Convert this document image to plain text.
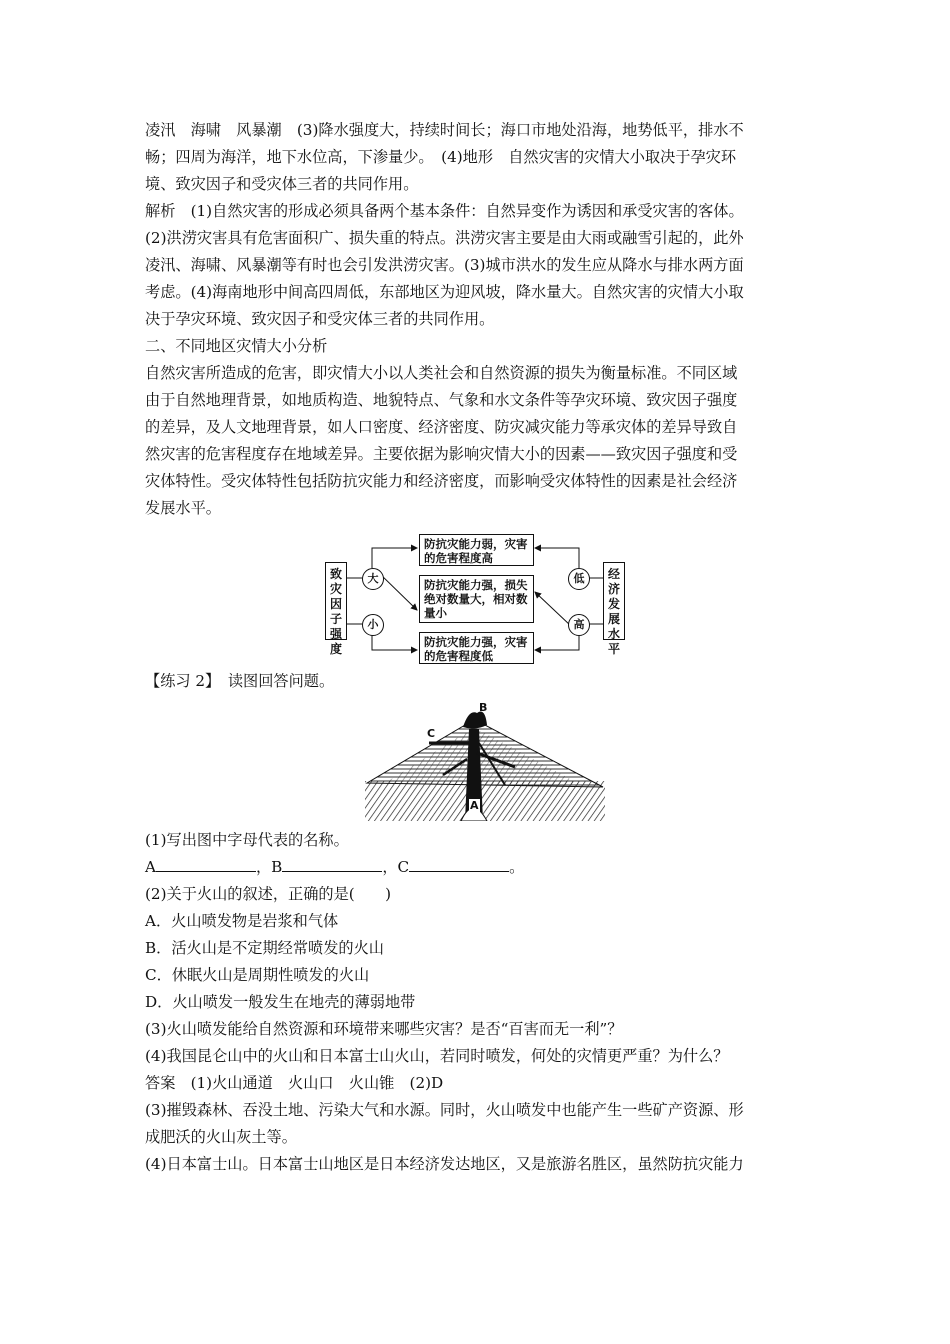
凌汛　海啸　风暴潮　(3)降水强度大，持续时间长；海口市地处沿海，地势低平，排水不

畅；四周为海洋，地下水位高，下渗量少。　(4)地形　自然灾害的灾情大小取决于孕灾环

境、致灾因子和受灾体三者的共同作用。

解析　(1)自然灾害的形成必须具备两个基本条件：自然异变作为诱因和承受灾害的客体。

(2)洪涝灾害具有危害面积广、损失重的特点。洪涝灾害主要是由大雨或融雪引起的，此外

凌汛、海啸、风暴潮等有时也会引发洪涝灾害。(3)城市洪水的发生应从降水与排水两方面

考虑。(4)海南地形中间高四周低，东部地区为迎风坡，降水量大。自然灾害的灾情大小取

决于孕灾环境、致灾因子和受灾体三者的共同作用。

二、不同地区灾情大小分析

自然灾害所造成的危害，即灾情大小以人类社会和自然资源的损失为衡量标准。不同区域

由于自然地理背景，如地质构造、地貌特点、气象和水文条件等孕灾环境、致灾因子强度

的差异，及人文地理背景，如人口密度、经济密度、防灾减灾能力等承灾体的差异导致自

然灾害的危害程度存在地域差异。主要依据为影响灾情大小的因素——致灾因子强度和受

灾体特性。受灾体特性包括防抗灾能力和经济密度，而影响受灾体特性的因素是社会经济

发展水平。

致灾因子强度
经济发展水平
大
小
低
高
防抗灾能力弱，灾害的危害程度高
防抗灾能力强，损失绝对数量大，相对数量小
防抗灾能力强，灾害的危害程度低

【练习 2】　读图回答问题。

B
C
A

(1)写出图中字母代表的名称。

A	，B	，C	。

(2)关于火山的叙述，正确的是(　　)

A．火山喷发物是岩浆和气体

B．活火山是不定期经常喷发的火山

C．休眠火山是周期性喷发的火山

D．火山喷发一般发生在地壳的薄弱地带

(3)火山喷发能给自然资源和环境带来哪些灾害？是否“百害而无一利”？

(4)我国昆仑山中的火山和日本富士山火山，若同时喷发，何处的灾情更严重？为什么？

答案　(1)火山通道　火山口　火山锥　(2)D

(3)摧毁森林、吞没土地、污染大气和水源。同时，火山喷发中也能产生一些矿产资源、形

成肥沃的火山灰土等。

(4)日本富士山。日本富士山地区是日本经济发达地区，又是旅游名胜区，虽然防抗灾能力
